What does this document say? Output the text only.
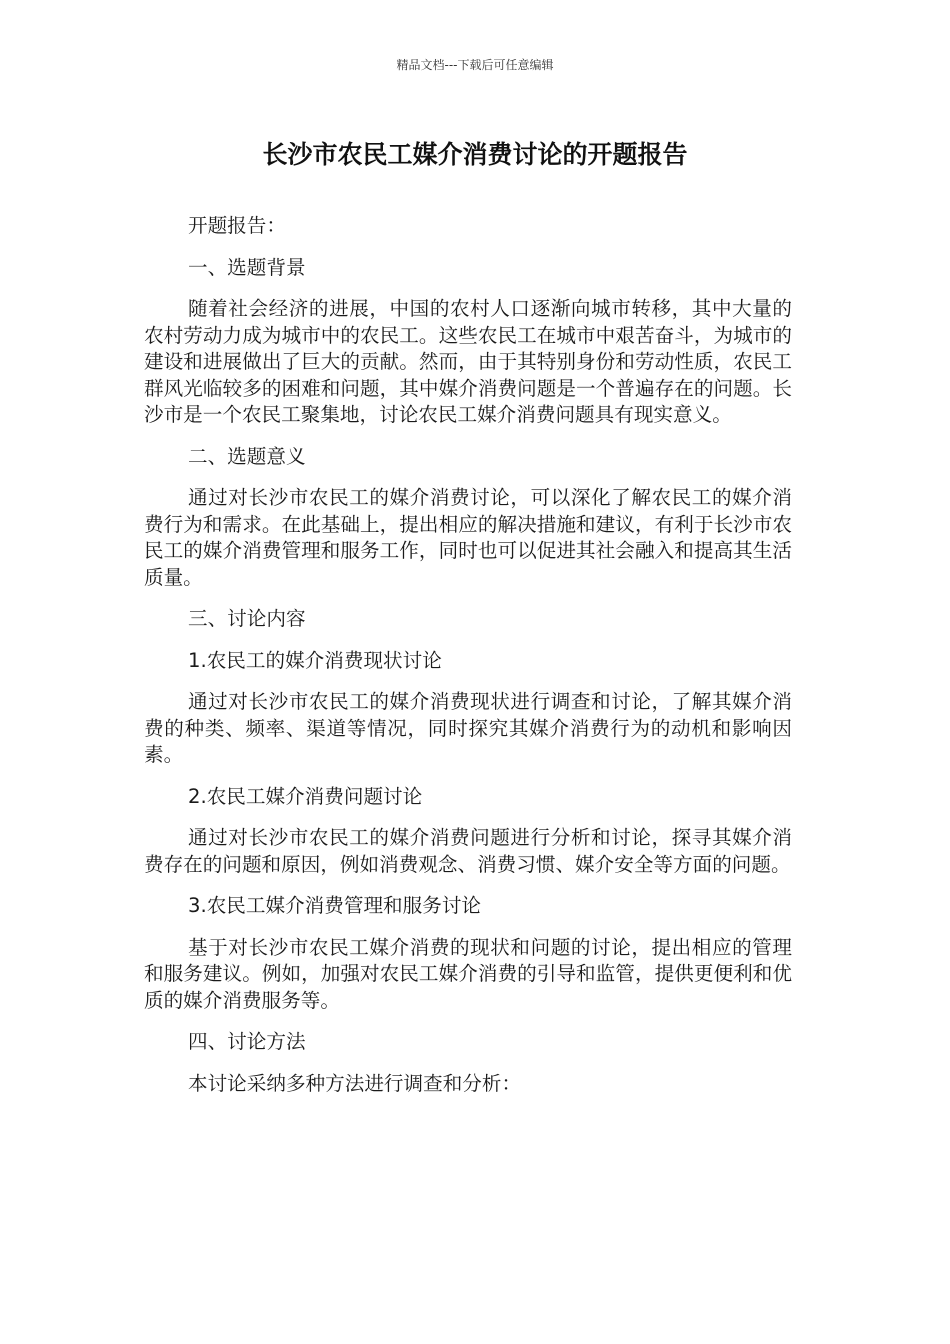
精品文档---下载后可任意编辑
长沙市农民工媒介消费讨论的开题报告

开题报告：

一、选题背景

随着社会经济的进展，中国的农村人口逐渐向城市转移，其中大量的农村劳动力成为城市中的农民工。这些农民工在城市中艰苦奋斗，为城市的建设和进展做出了巨大的贡献。然而，由于其特别身份和劳动性质，农民工群风光临较多的困难和问题，其中媒介消费问题是一个普遍存在的问题。长沙市是一个农民工聚集地，讨论农民工媒介消费问题具有现实意义。

二、选题意义

通过对长沙市农民工的媒介消费讨论，可以深化了解农民工的媒介消费行为和需求。在此基础上，提出相应的解决措施和建议，有利于长沙市农民工的媒介消费管理和服务工作，同时也可以促进其社会融入和提高其生活质量。

三、讨论内容

1.农民工的媒介消费现状讨论

通过对长沙市农民工的媒介消费现状进行调查和讨论，了解其媒介消费的种类、频率、渠道等情况，同时探究其媒介消费行为的动机和影响因素。

2.农民工媒介消费问题讨论

通过对长沙市农民工的媒介消费问题进行分析和讨论，探寻其媒介消费存在的问题和原因，例如消费观念、消费习惯、媒介安全等方面的问题。

3.农民工媒介消费管理和服务讨论

基于对长沙市农民工媒介消费的现状和问题的讨论，提出相应的管理和服务建议。例如，加强对农民工媒介消费的引导和监管，提供更便利和优质的媒介消费服务等。

四、讨论方法

本讨论采纳多种方法进行调查和分析：
